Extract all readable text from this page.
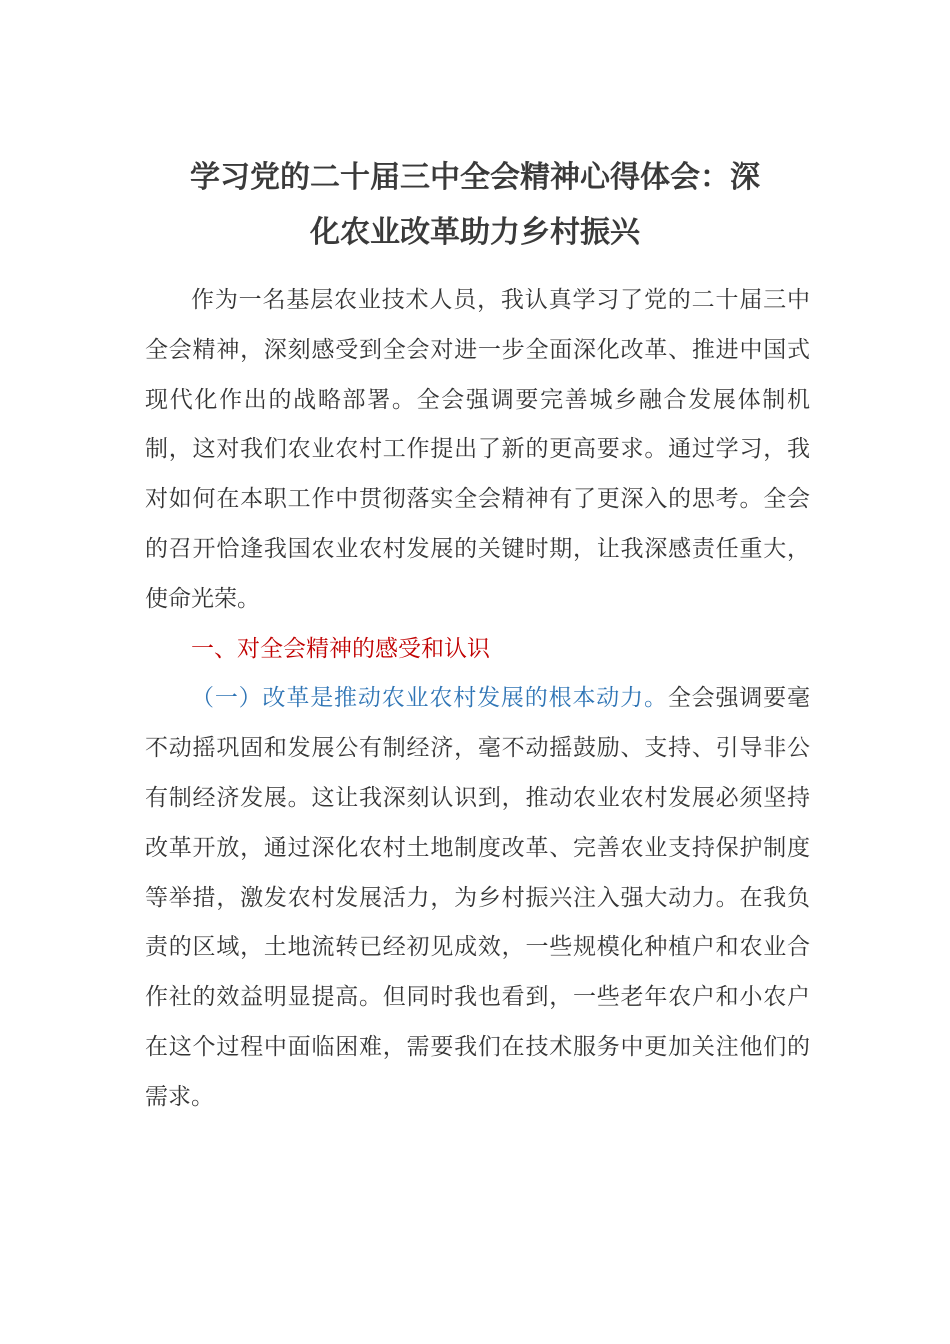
学习党的二十届三中全会精神心得体会：深
化农业改革助力乡村振兴

作为一名基层农业技术人员，我认真学习了党的二十届三中全会精神，深刻感受到全会对进一步全面深化改革、推进中国式现代化作出的战略部署。全会强调要完善城乡融合发展体制机制，这对我们农业农村工作提出了新的更高要求。通过学习，我对如何在本职工作中贯彻落实全会精神有了更深入的思考。全会的召开恰逢我国农业农村发展的关键时期，让我深感责任重大，使命光荣。

一、对全会精神的感受和认识

（一）改革是推动农业农村发展的根本动力。全会强调要毫不动摇巩固和发展公有制经济，毫不动摇鼓励、支持、引导非公有制经济发展。这让我深刻认识到，推动农业农村发展必须坚持改革开放，通过深化农村土地制度改革、完善农业支持保护制度等举措，激发农村发展活力，为乡村振兴注入强大动力。在我负责的区域，土地流转已经初见成效，一些规模化种植户和农业合作社的效益明显提高。但同时我也看到，一些老年农户和小农户在这个过程中面临困难，需要我们在技术服务中更加关注他们的需求。
